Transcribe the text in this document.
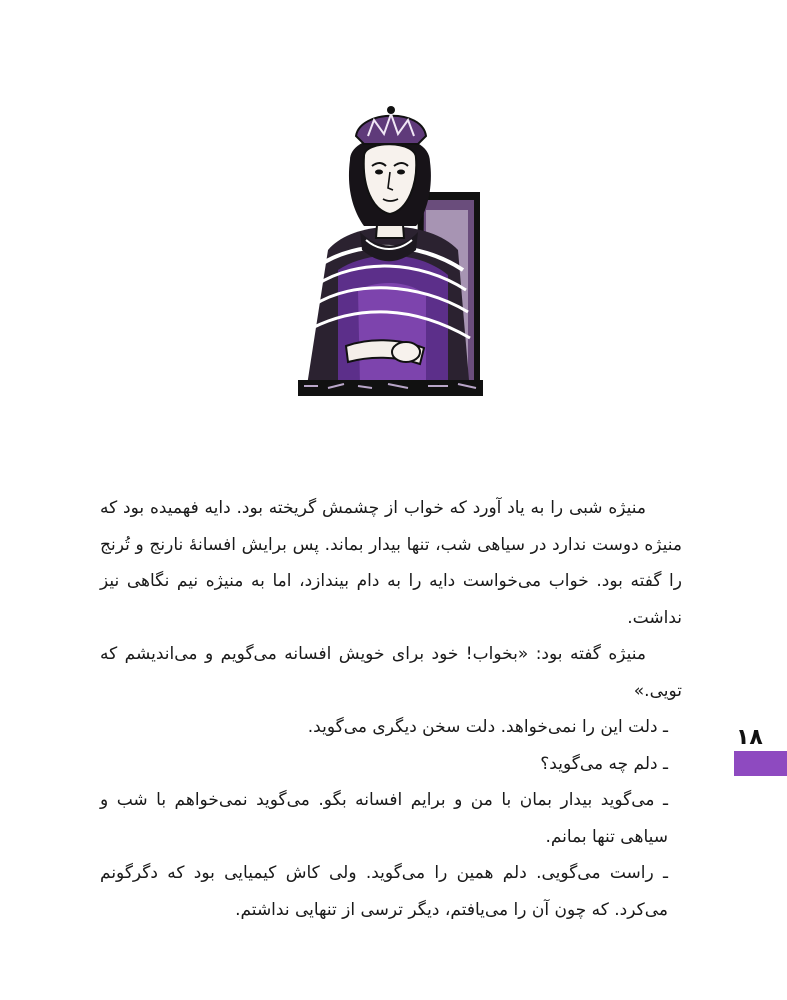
منیژه شبی را به یاد آورد که خواب از چشمش گریخته بود. دایه فهمیده بود که منیژه دوست ندارد در سیاهی شب، تنها بیدار بماند. پس برایش افسانهٔ نارنج و تُرنج را گفته بود. خواب می‌خواست دایه را به دام بیندازد، اما به منیژه نیم نگاهی نیز نداشت.

منیژه گفته بود: «بخواب! خود برای خویش افسانه می‌گویم و می‌اندیشم که تویی.»

ـ دلت این را نمی‌خواهد. دلت سخن دیگری می‌گوید.

ـ دلم چه می‌گوید؟

ـ می‌گوید بیدار بمان با من و برایم افسانه بگو. می‌گوید نمی‌خواهم با شب و سیاهی تنها بمانم.

ـ راست می‌گویی. دلم همین را می‌گوید. ولی کاش کیمیایی بود که دگرگونم می‌کرد. که چون آن را می‌یافتم، دیگر ترسی از تنهایی نداشتم.

۱۸
